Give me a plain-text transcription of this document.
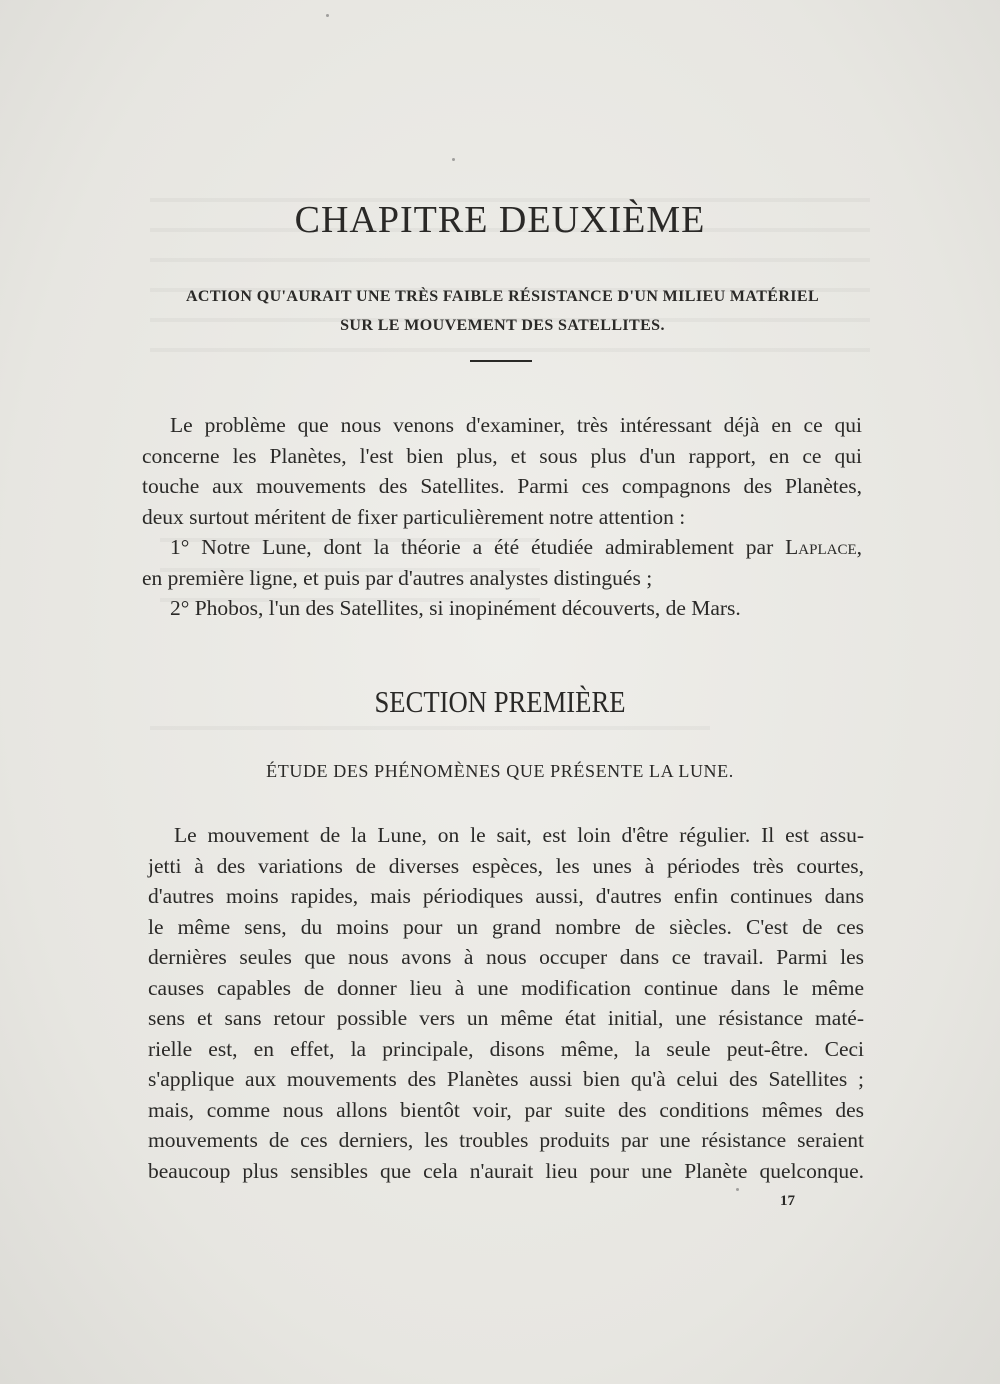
CHAPITRE DEUXIÈME
ACTION QU'AURAIT UNE TRÈS FAIBLE RÉSISTANCE D'UN MILIEU MATÉRIEL
SUR LE MOUVEMENT DES SATELLITES.
Le problème que nous venons d'examiner, très intéressant déjà en ce qui
concerne les Planètes, l'est bien plus, et sous plus d'un rapport, en ce qui
touche aux mouvements des Satellites. Parmi ces compagnons des Planètes,
deux surtout méritent de fixer particulièrement notre attention :
1° Notre Lune, dont la théorie a été étudiée admirablement par Laplace,
en première ligne, et puis par d'autres analystes distingués ;
2° Phobos, l'un des Satellites, si inopinément découverts, de Mars.
SECTION PREMIÈRE
ÉTUDE DES PHÉNOMÈNES QUE PRÉSENTE LA LUNE.
Le mouvement de la Lune, on le sait, est loin d'être régulier. Il est assu-
jetti à des variations de diverses espèces, les unes à périodes très courtes,
d'autres moins rapides, mais périodiques aussi, d'autres enfin continues dans
le même sens, du moins pour un grand nombre de siècles. C'est de ces
dernières seules que nous avons à nous occuper dans ce travail. Parmi les
causes capables de donner lieu à une modification continue dans le même
sens et sans retour possible vers un même état initial, une résistance maté-
rielle est, en effet, la principale, disons même, la seule peut-être. Ceci
s'applique aux mouvements des Planètes aussi bien qu'à celui des Satellites ;
mais, comme nous allons bientôt voir, par suite des conditions mêmes des
mouvements de ces derniers, les troubles produits par une résistance seraient
beaucoup plus sensibles que cela n'aurait lieu pour une Planète quelconque.
17
